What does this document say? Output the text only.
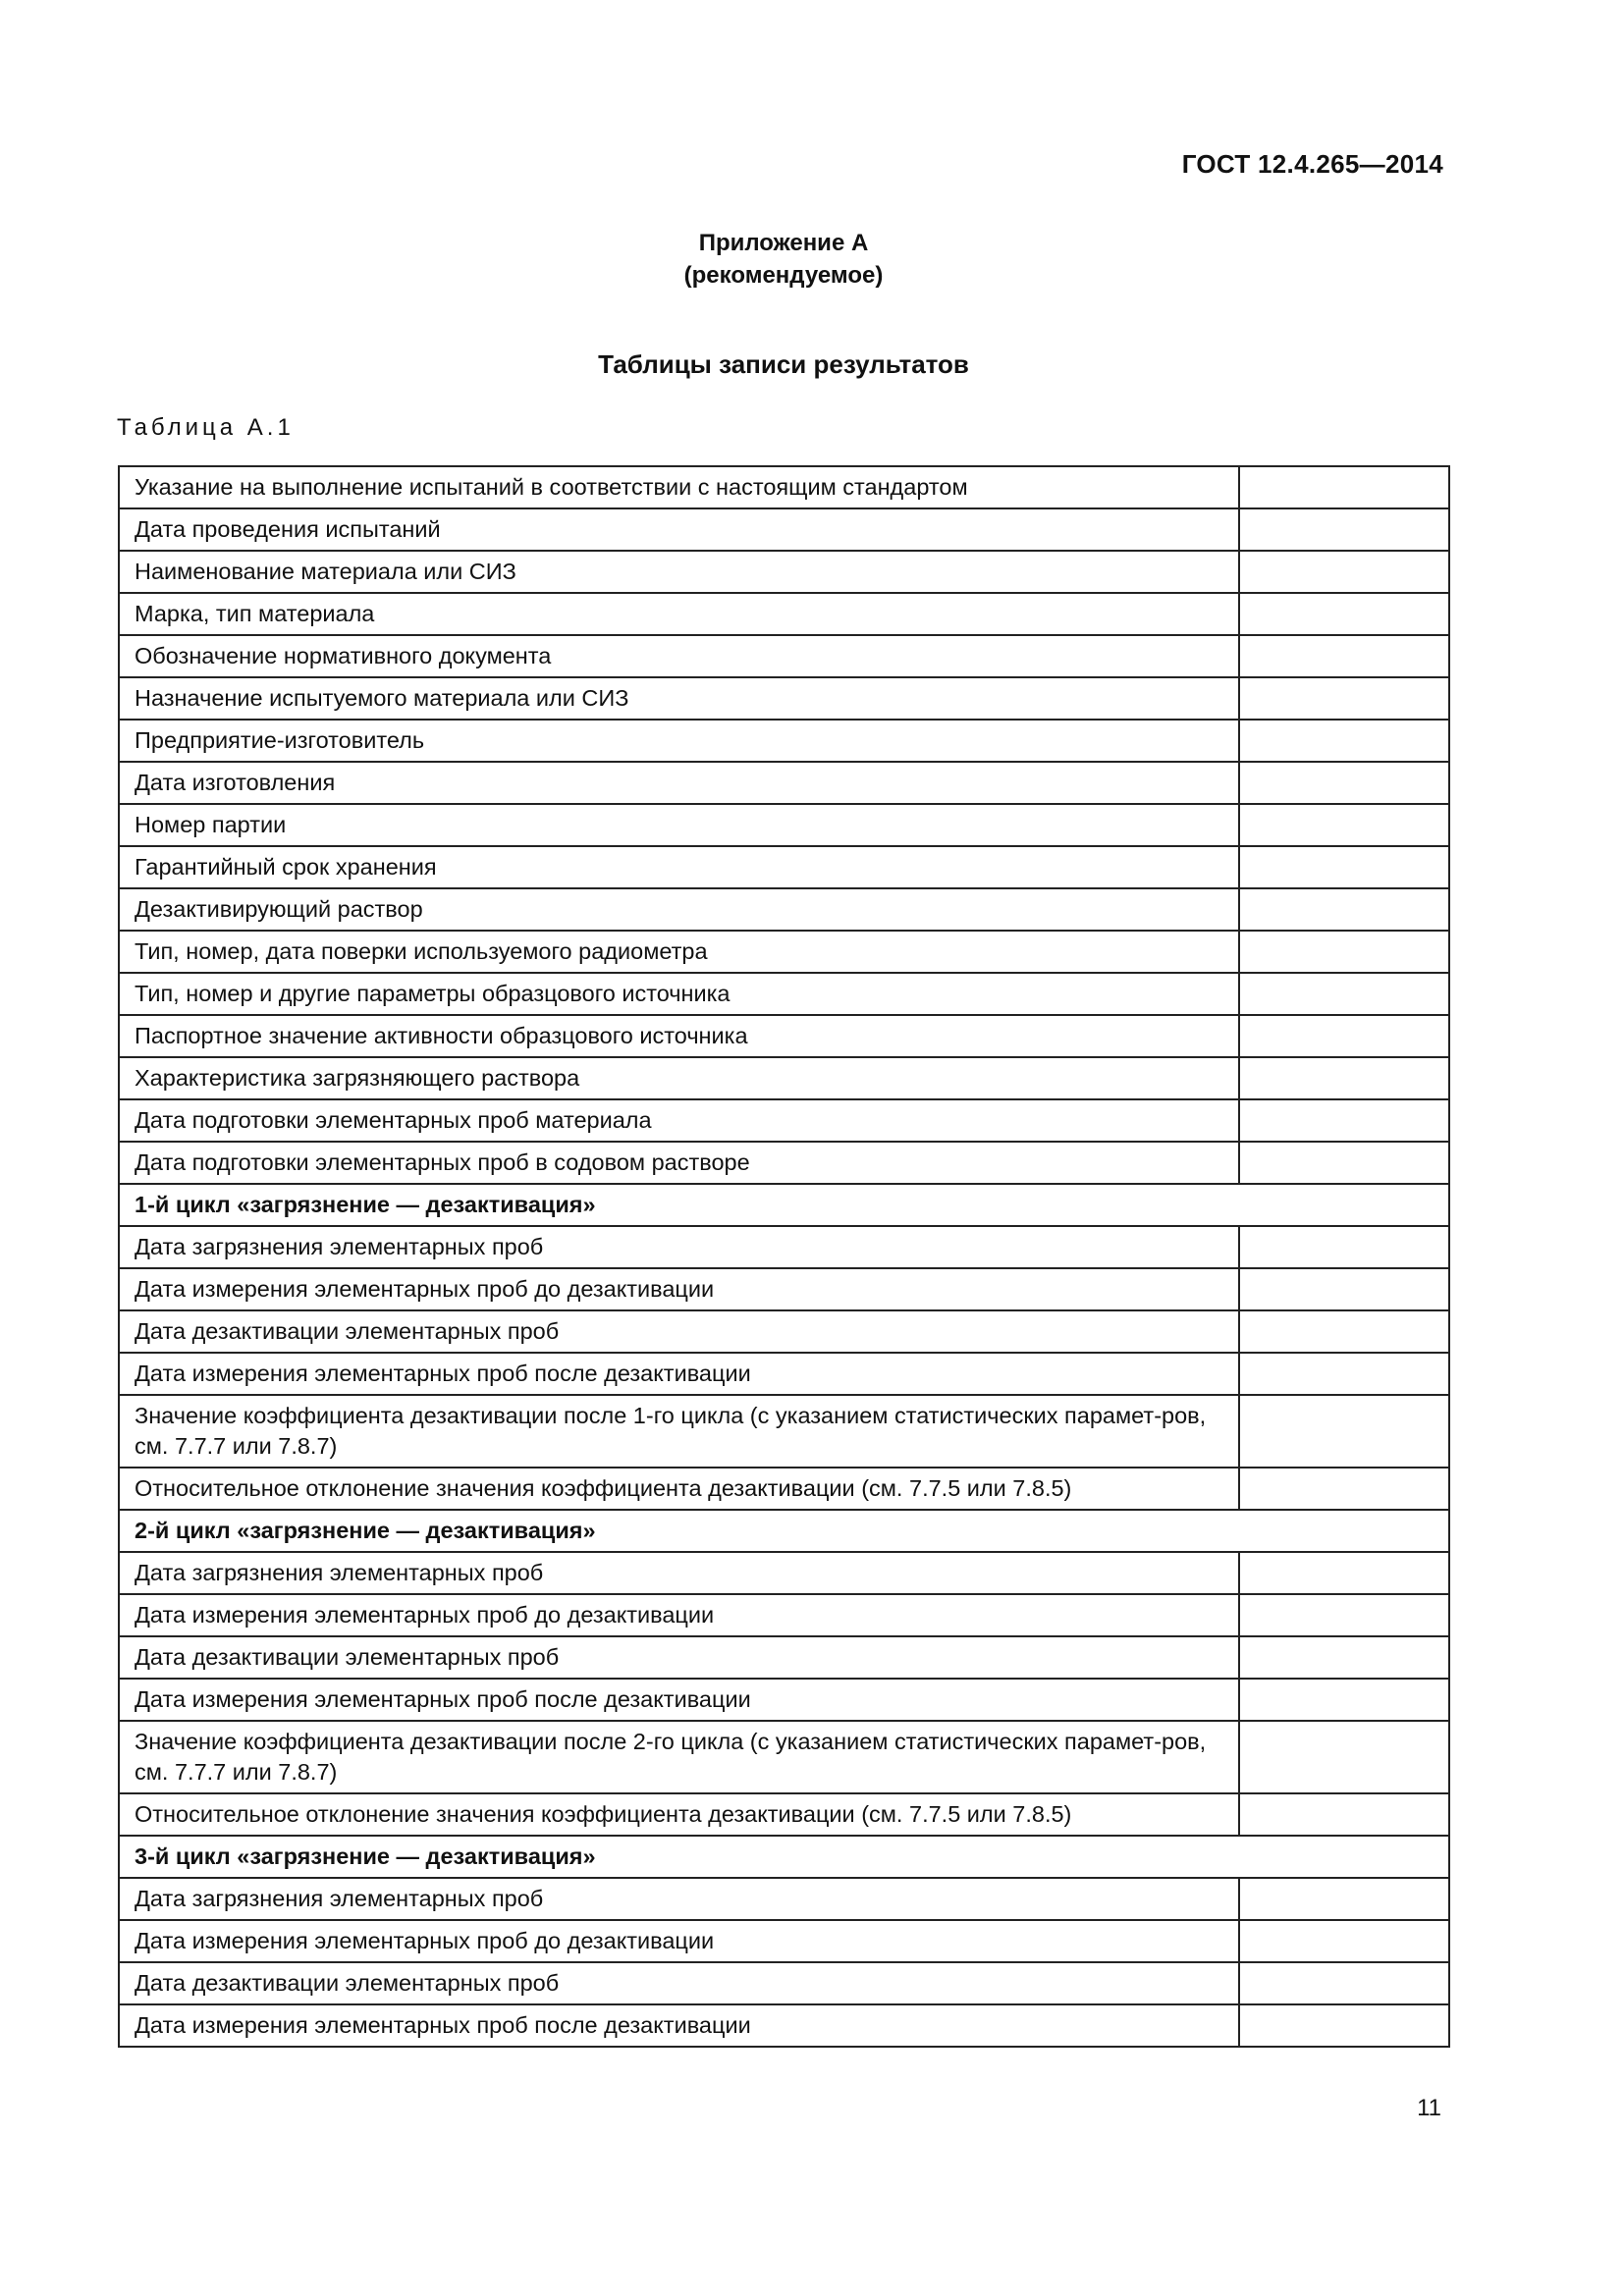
ГОСТ 12.4.265—2014
Приложение А
(рекомендуемое)
Таблицы записи результатов
Таблица А.1
Указание на выполнение испытаний в соответствии с настоящим стандартом	
Дата проведения испытаний	
Наименование материала или СИЗ	
Марка, тип материала	
Обозначение нормативного документа	
Назначение испытуемого материала или СИЗ	
Предприятие-изготовитель	
Дата изготовления	
Номер партии	
Гарантийный срок хранения	
Дезактивирующий раствор	
Тип, номер, дата поверки используемого радиометра	
Тип, номер и другие параметры образцового источника	
Паспортное значение активности образцового источника	
Характеристика загрязняющего раствора	
Дата подготовки элементарных проб материала	
Дата подготовки элементарных проб в содовом растворе	
1-й цикл «загрязнение — дезактивация»	
Дата загрязнения элементарных проб	
Дата измерения элементарных проб до дезактивации	
Дата дезактивации элементарных проб	
Дата измерения элементарных проб после дезактивации	
Значение коэффициента дезактивации после 1-го цикла (с указанием статистических парамет-ров, см. 7.7.7 или 7.8.7)	
Относительное отклонение значения коэффициента дезактивации (см. 7.7.5 или 7.8.5)	
2-й цикл «загрязнение — дезактивация»	
Дата загрязнения элементарных проб	
Дата измерения элементарных проб до дезактивации	
Дата дезактивации элементарных проб	
Дата измерения элементарных проб после дезактивации	
Значение коэффициента дезактивации после 2-го цикла (с указанием статистических парамет-ров, см. 7.7.7 или 7.8.7)	
Относительное отклонение значения коэффициента дезактивации (см. 7.7.5 или 7.8.5)	
3-й цикл «загрязнение — дезактивация»	
Дата загрязнения элементарных проб	
Дата измерения элементарных проб до дезактивации	
Дата дезактивации элементарных проб	
Дата измерения элементарных проб после дезактивации	
11
